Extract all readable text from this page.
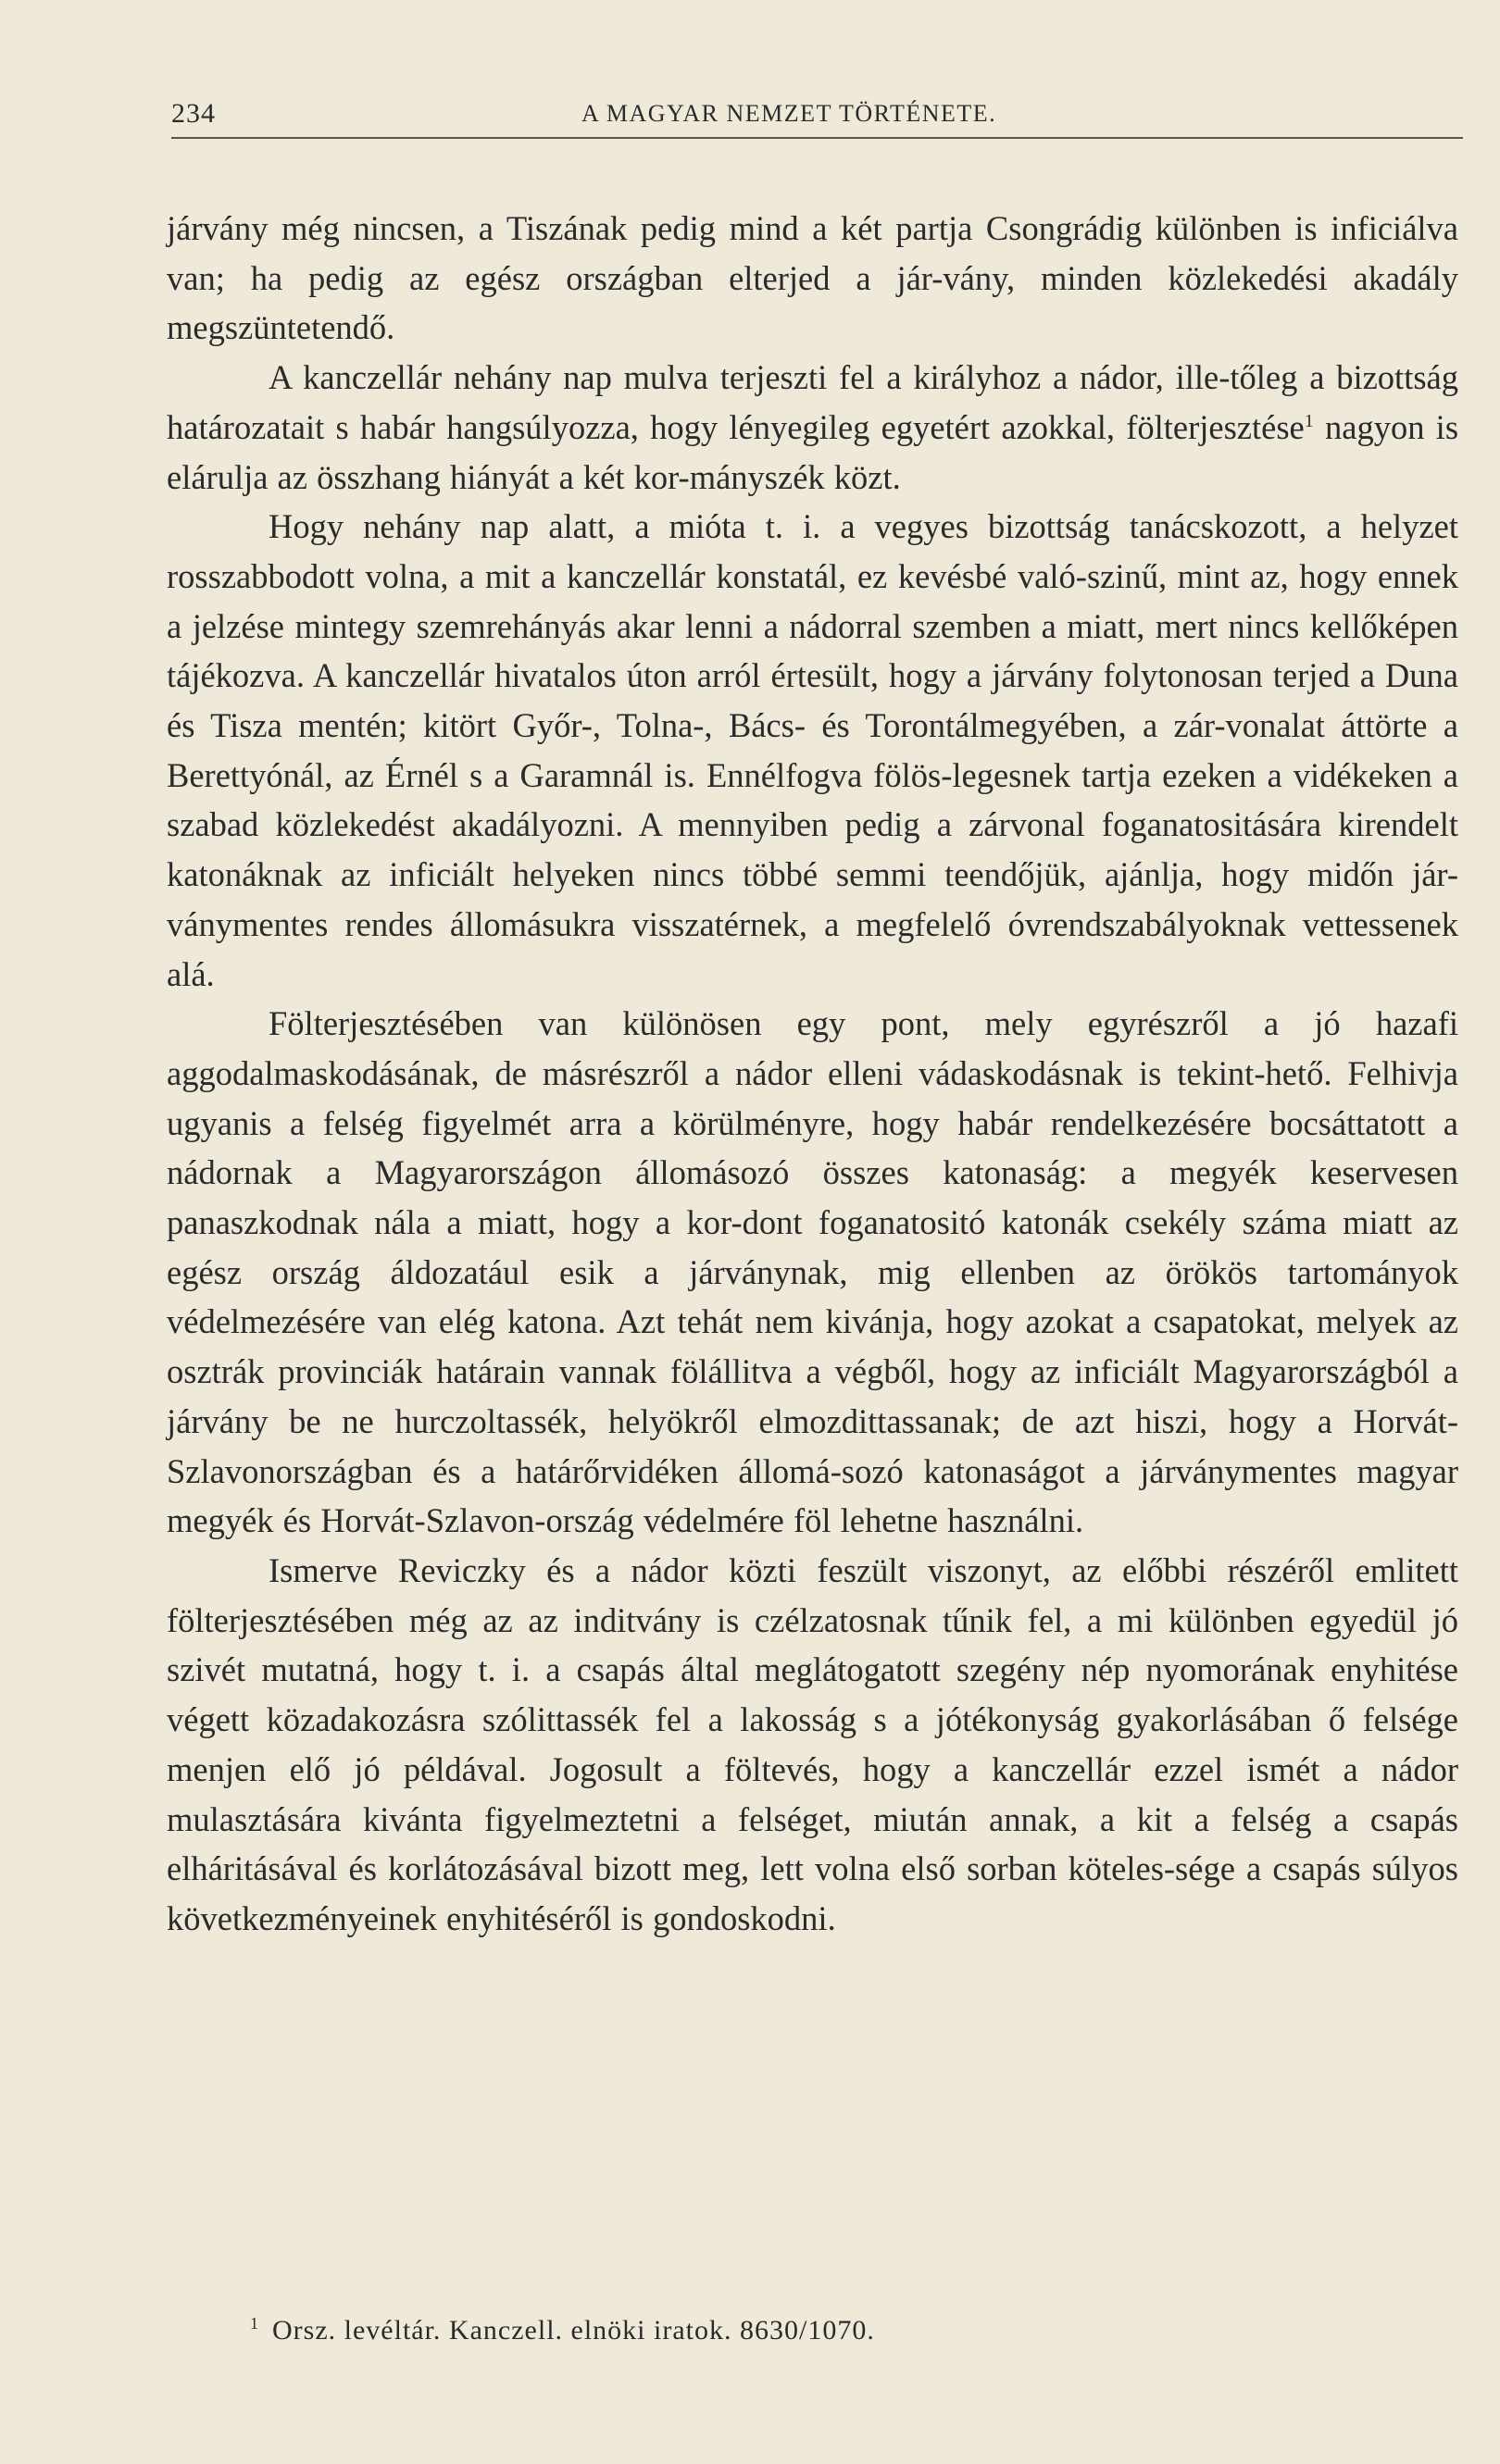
234	A MAGYAR NEMZET TÖRTÉNETE.

járvány még nincsen, a Tiszának pedig mind a két partja Csongrádig különben is inficiálva van; ha pedig az egész országban elterjed a jár-vány, minden közlekedési akadály megszüntetendő.

A kanczellár nehány nap mulva terjeszti fel a királyhoz a nádor, ille-tőleg a bizottság határozatait s habár hangsúlyozza, hogy lényegileg egyetért azokkal, fölterjesztése$^1$ nagyon is elárulja az összhang hiányát a két kor-mányszék közt.

Hogy nehány nap alatt, a mióta t. i. a vegyes bizottság tanácskozott, a helyzet rosszabbodott volna, a mit a kanczellár konstatál, ez kevésbé való-szinű, mint az, hogy ennek a jelzése mintegy szemrehányás akar lenni a nádorral szemben a miatt, mert nincs kellőképen tájékozva. A kanczellár hivatalos úton arról értesült, hogy a járvány folytonosan terjed a Duna és Tisza mentén; kitört Győr-, Tolna-, Bács- és Torontálmegyében, a zár-vonalat áttörte a Berettyónál, az Érnél s a Garamnál is. Ennélfogva fölös-legesnek tartja ezeken a vidékeken a szabad közlekedést akadályozni. A mennyiben pedig a zárvonal foganatositására kirendelt katonáknak az inficiált helyeken nincs többé semmi teendőjük, ajánlja, hogy midőn jár-ványmentes rendes állomásukra visszatérnek, a megfelelő óvrendszabályoknak vettessenek alá.

Fölterjesztésében van különösen egy pont, mely egyrészről a jó hazafi aggodalmaskodásának, de másrészről a nádor elleni vádaskodásnak is tekint-hető. Felhivja ugyanis a felség figyelmét arra a körülményre, hogy habár rendelkezésére bocsáttatott a nádornak a Magyarországon állomásozó összes katonaság: a megyék keservesen panaszkodnak nála a miatt, hogy a kor-dont foganatositó katonák csekély száma miatt az egész ország áldozatául esik a járványnak, mig ellenben az örökös tartományok védelmezésére van elég katona. Azt tehát nem kivánja, hogy azokat a csapatokat, melyek az osztrák provinciák határain vannak fölállitva a végből, hogy az inficiált Magyarországból a járvány be ne hurczoltassék, helyökről elmozdittassanak; de azt hiszi, hogy a Horvát-Szlavonországban és a határőrvidéken állomá-sozó katonaságot a járványmentes magyar megyék és Horvát-Szlavon-ország védelmére föl lehetne használni.

Ismerve Reviczky és a nádor közti feszült viszonyt, az előbbi részéről emlitett fölterjesztésében még az az inditvány is czélzatosnak tűnik fel, a mi különben egyedül jó szivét mutatná, hogy t. i. a csapás által meglátogatott szegény nép nyomorának enyhitése végett közadakozásra szólittassék fel a lakosság s a jótékonyság gyakorlásában ő felsége menjen elő jó példával. Jogosult a föltevés, hogy a kanczellár ezzel ismét a nádor mulasztására kivánta figyelmeztetni a felséget, miután annak, a kit a felség a csapás elháritásával és korlátozásával bizott meg, lett volna első sorban köteles-sége a csapás súlyos következményeinek enyhitéséről is gondoskodni.

$^1$ Orsz. levéltár. Kanczell. elnöki iratok. 8630/1070.
